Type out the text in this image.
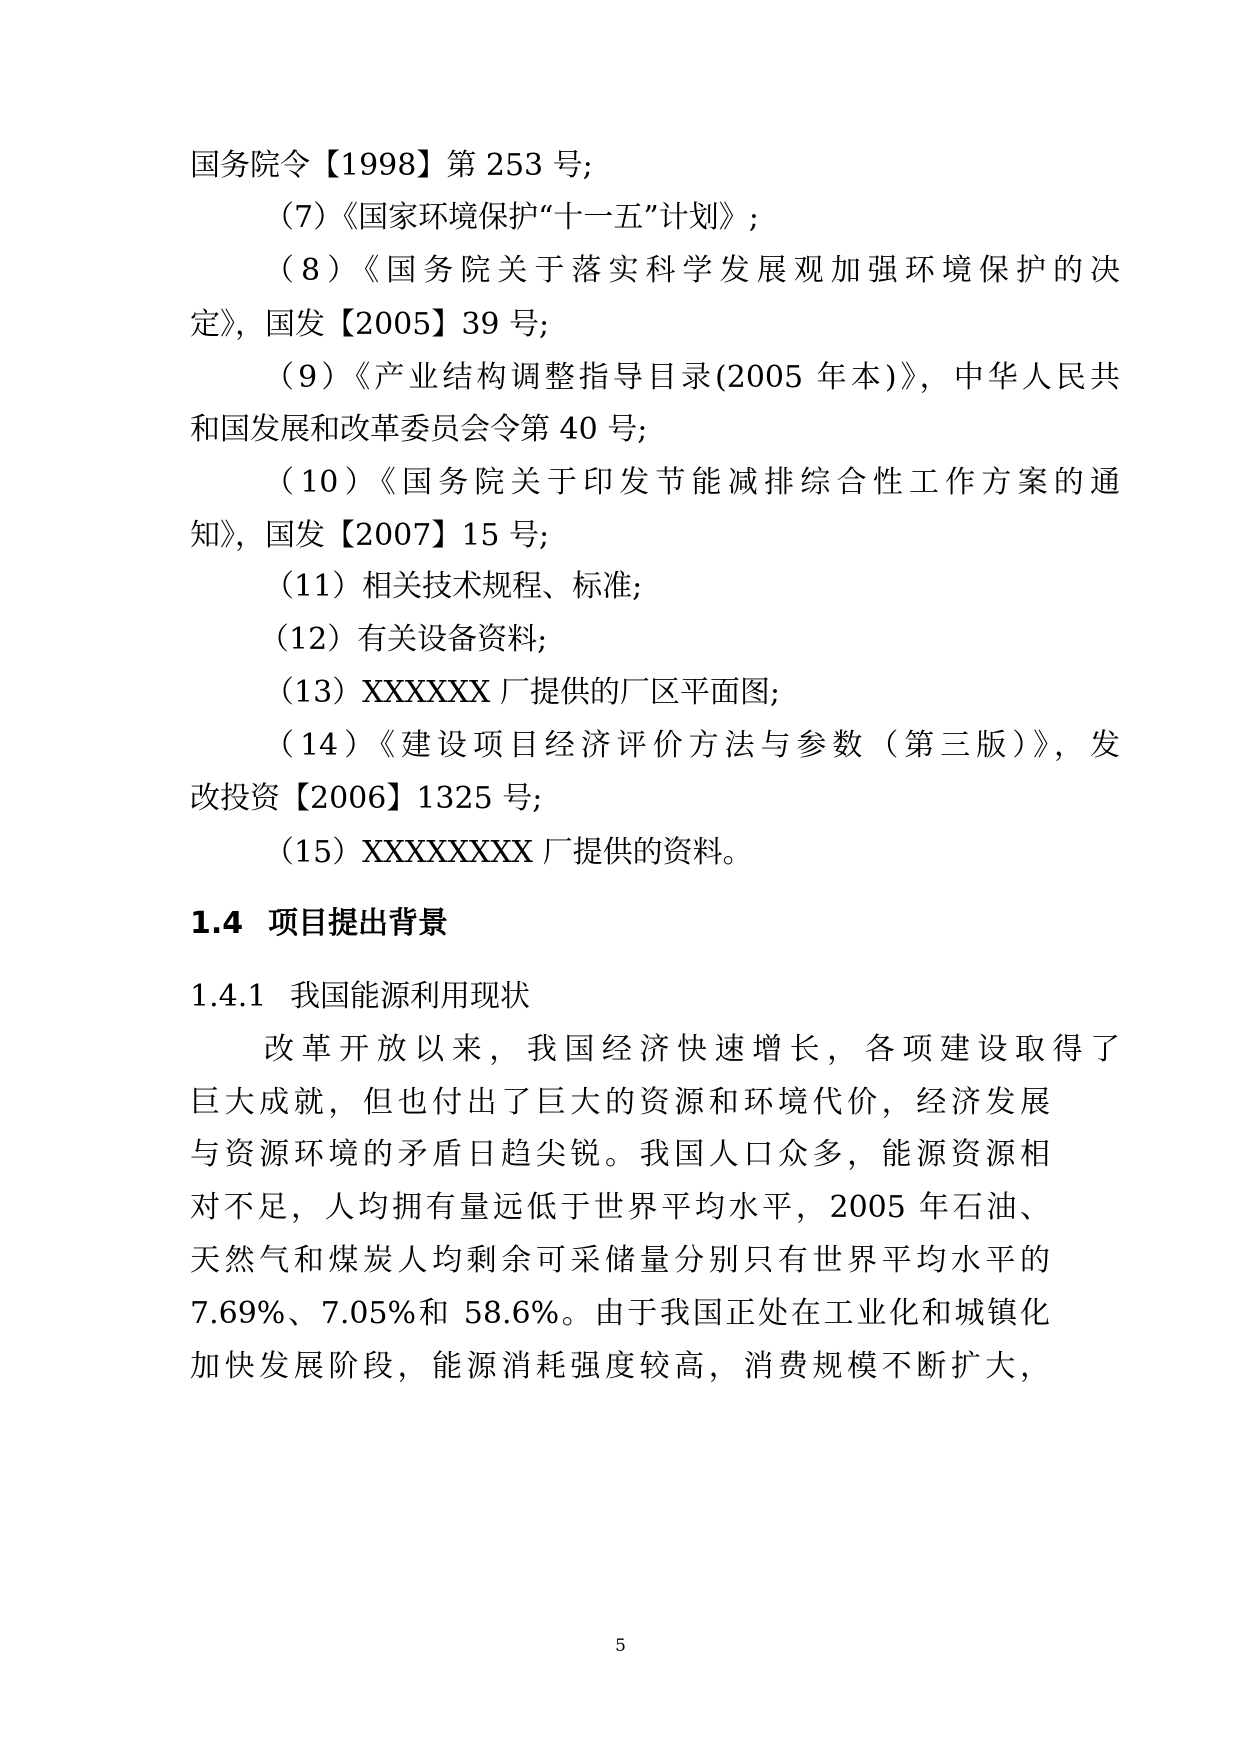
国务院令【1998】第 253 号;
（7）《国家环境保护“十一五”计划》;
（8）《国务院关于落实科学发展观加强环境保护的决
定》，国发【2005】39 号;
（9）《产业结构调整指导目录(2005 年本)》，中华人民共
和国发展和改革委员会令第 40 号;
（10）《国务院关于印发节能减排综合性工作方案的通
知》，国发【2007】15 号;
（11）相关技术规程、标准;
（12）有关设备资料;
（13）XXXXXX 厂提供的厂区平面图;
（14）《建设项目经济评价方法与参数（第三版）》，发
改投资【2006】1325 号;
（15）XXXXXXXX 厂提供的资料。
1.4 项目提出背景
1.4.1 我国能源利用现状
改革开放以来，我国经济快速增长，各项建设取得了
巨大成就，但也付出了巨大的资源和环境代价，经济发展
与资源环境的矛盾日趋尖锐。我国人口众多，能源资源相
对不足，人均拥有量远低于世界平均水平，2005 年石油、
天然气和煤炭人均剩余可采储量分别只有世界平均水平的
7.69%、7.05%和 58.6%。由于我国正处在工业化和城镇化
加快发展阶段，能源消耗强度较高，消费规模不断扩大，
5
